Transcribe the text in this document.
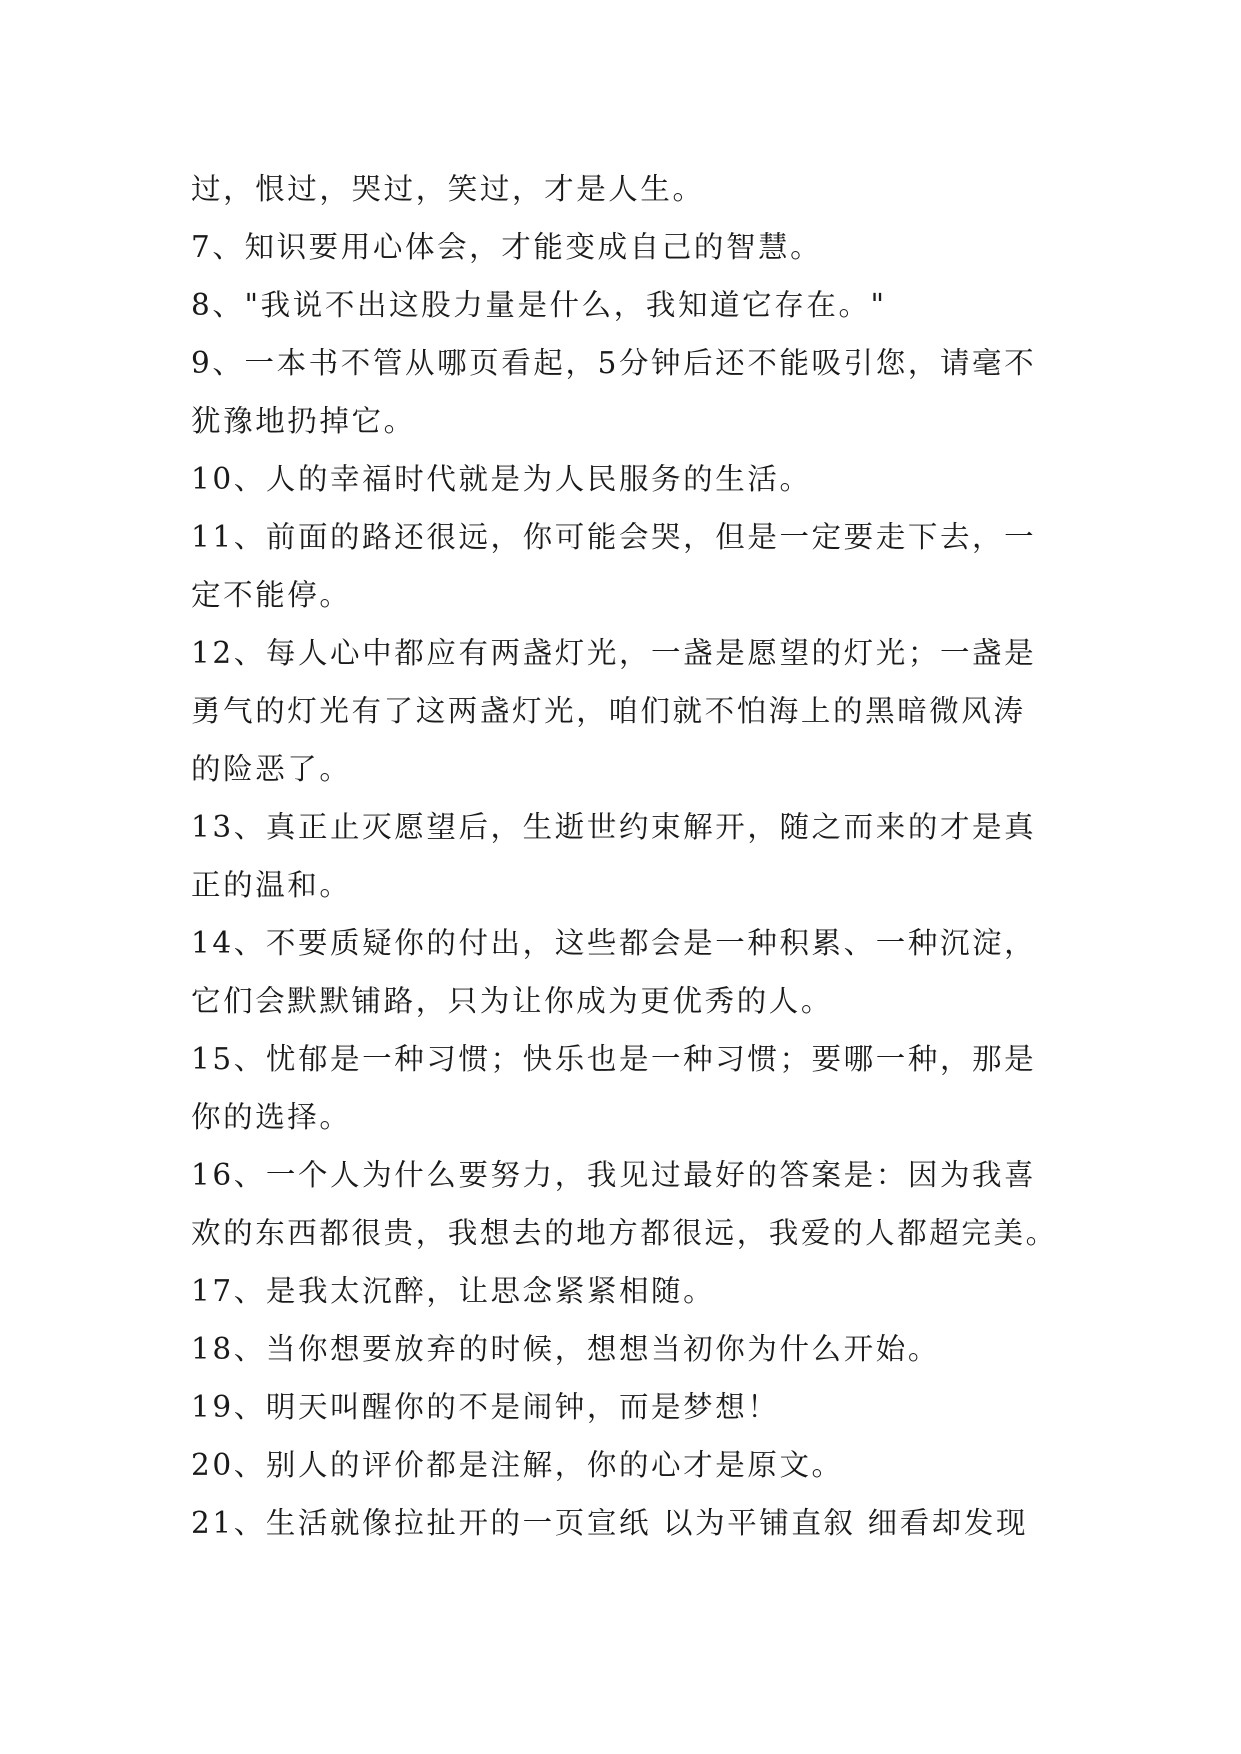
过，恨过，哭过，笑过，才是人生。
7、知识要用心体会，才能变成自己的智慧。
8、"我说不出这股力量是什么，我知道它存在。"
9、一本书不管从哪页看起，5分钟后还不能吸引您，请毫不
犹豫地扔掉它。
10、人的幸福时代就是为人民服务的生活。
11、前面的路还很远，你可能会哭，但是一定要走下去，一
定不能停。
12、每人心中都应有两盏灯光，一盏是愿望的灯光；一盏是
勇气的灯光有了这两盏灯光，咱们就不怕海上的黑暗微风涛
的险恶了。
13、真正止灭愿望后，生逝世约束解开，随之而来的才是真
正的温和。
14、不要质疑你的付出，这些都会是一种积累、一种沉淀，
它们会默默铺路，只为让你成为更优秀的人。
15、忧郁是一种习惯；快乐也是一种习惯；要哪一种，那是
你的选择。
16、一个人为什么要努力，我见过最好的答案是：因为我喜
欢的东西都很贵，我想去的地方都很远，我爱的人都超完美。
17、是我太沉醉，让思念紧紧相随。
18、当你想要放弃的时候，想想当初你为什么开始。
19、明天叫醒你的不是闹钟，而是梦想！
20、别人的评价都是注解，你的心才是原文。
21、生活就像拉扯开的一页宣纸 以为平铺直叙 细看却发现
